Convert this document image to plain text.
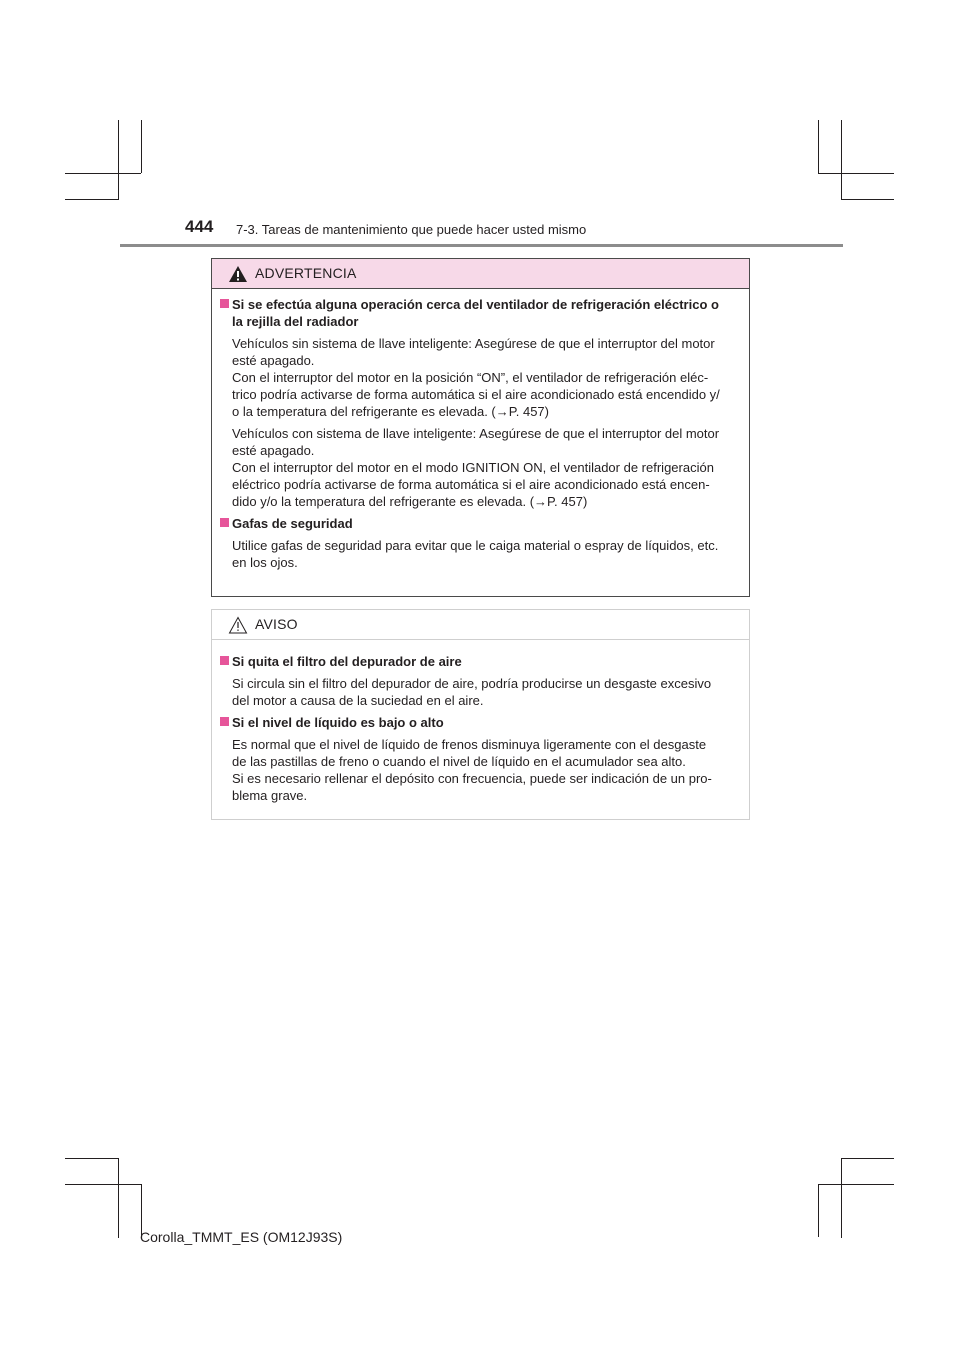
444 7-3. Tareas de mantenimiento que puede hacer usted mismo
ADVERTENCIA
Si se efectúa alguna operación cerca del ventilador de refrigeración eléctrico o
la rejilla del radiador
Vehículos sin sistema de llave inteligente: Asegúrese de que el interruptor del motor
esté apagado.
Con el interruptor del motor en la posición “ON”, el ventilador de refrigeración eléc-
trico podría activarse de forma automática si el aire acondicionado está encendido y/
o la temperatura del refrigerante es elevada. (→P. 457)
Vehículos con sistema de llave inteligente: Asegúrese de que el interruptor del motor
esté apagado.
Con el interruptor del motor en el modo IGNITION ON, el ventilador de refrigeración
eléctrico podría activarse de forma automática si el aire acondicionado está encen-
dido y/o la temperatura del refrigerante es elevada. (→P. 457)
Gafas de seguridad
Utilice gafas de seguridad para evitar que le caiga material o espray de líquidos, etc.
en los ojos.
AVISO
Si quita el filtro del depurador de aire
Si circula sin el filtro del depurador de aire, podría producirse un desgaste excesivo
del motor a causa de la suciedad en el aire.
Si el nivel de líquido es bajo o alto
Es normal que el nivel de líquido de frenos disminuya ligeramente con el desgaste
de las pastillas de freno o cuando el nivel de líquido en el acumulador sea alto.
Si es necesario rellenar el depósito con frecuencia, puede ser indicación de un pro-
blema grave.
Corolla_TMMT_ES (OM12J93S)
